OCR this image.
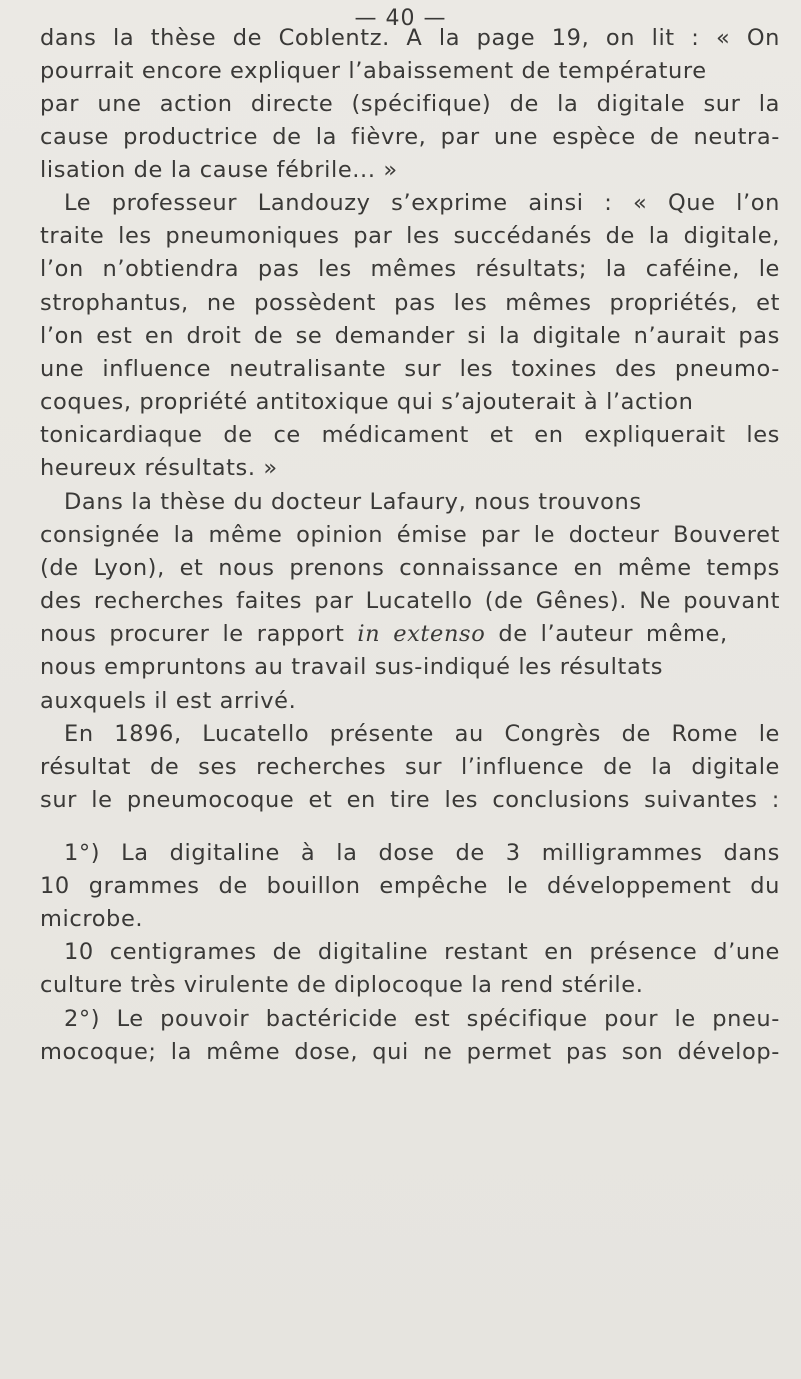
— 40 —
dans la thèse de Coblentz. A la page 19, on lit : « On
pourrait encore expliquer l’abaissement de température
par une action directe (spécifique) de la digitale sur la
cause productrice de la fièvre, par une espèce de neutra-
lisation de la cause fébrile... »
Le professeur Landouzy s’exprime ainsi : « Que l’on
traite les pneumoniques par les succédanés de la digitale,
l’on n’obtiendra pas les mêmes résultats; la caféine, le
strophantus, ne possèdent pas les mêmes propriétés, et
l’on est en droit de se demander si la digitale n’aurait pas
une influence neutralisante sur les toxines des pneumo-
coques, propriété antitoxique qui s’ajouterait à l’action
tonicardiaque de ce médicament et en expliquerait les
heureux résultats. »
Dans la thèse du docteur Lafaury, nous trouvons
consignée la même opinion émise par le docteur Bouveret
(de Lyon), et nous prenons connaissance en même temps
des recherches faites par Lucatello (de Gênes). Ne pouvant
nous procurer le rapport in extenso de l’auteur même,
nous empruntons au travail sus-indiqué les résultats
auxquels il est arrivé.
En 1896, Lucatello présente au Congrès de Rome le
résultat de ses recherches sur l’influence de la digitale
sur le pneumocoque et en tire les conclusions suivantes :
1°) La digitaline à la dose de 3 milligrammes dans
10 grammes de bouillon empêche le développement du
microbe.
10 centigrames de digitaline restant en présence d’une
culture très virulente de diplocoque la rend stérile.
2°) Le pouvoir bactéricide est spécifique pour le pneu-
mocoque; la même dose, qui ne permet pas son dévelop-
